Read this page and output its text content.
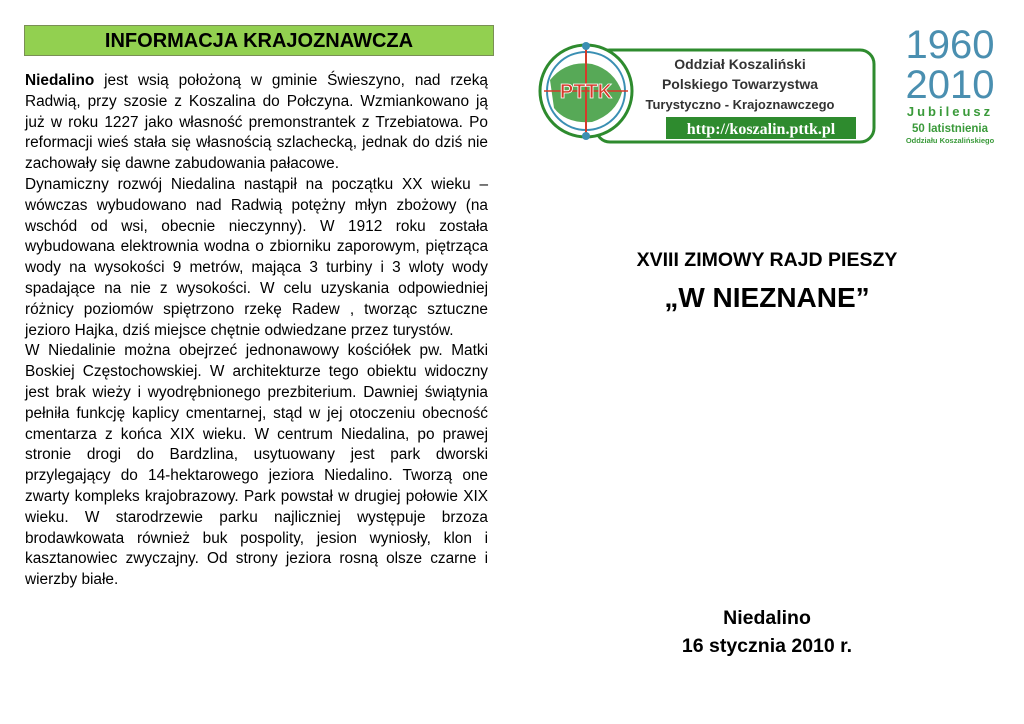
INFORMACJA KRAJOZNAWCZA

Niedalino jest wsią położoną w gminie Świeszyno, nad rzeką Radwią, przy szosie z Koszalina do Połczyna. Wzmiankowano ją już w roku 1227 jako własność premonstrantek z Trzebiatowa. Po reformacji wieś stała się własnością szlachecką, jednak do dziś nie zachowały się dawne zabudowania pałacowe.

Dynamiczny rozwój Niedalina nastąpił na początku XX wieku – wówczas wybudowano nad Radwią potężny młyn zbożowy (na wschód od wsi, obecnie nieczynny). W 1912 roku została wybudowana elektrownia wodna o zbiorniku zaporowym, piętrząca wody na wysokości 9 metrów, mająca 3 turbiny i 3 wloty wody spadające na nie z wysokości. W celu uzyskania odpowiedniej różnicy poziomów spiętrzono rzekę Radew , tworząc sztuczne jezioro Hajka, dziś miejsce chętnie odwiedzane przez turystów.

W Niedalinie można obejrzeć jednonawowy kościółek pw. Matki Boskiej Częstochowskiej. W architekturze tego obiektu widoczny jest brak wieży i wyodrębnionego prezbiterium. Dawniej świątynia pełniła funkcję kaplicy cmentarnej, stąd w jej otoczeniu obecność cmentarza z końca XIX wieku. W centrum Niedalina, po prawej stronie drogi do Bardzlina, usytuowany jest park dworski przylegający do 14-hektarowego jeziora Niedalino. Tworzą one zwarty kompleks krajobrazowy. Park powstał w drugiej połowie XIX wieku. W starodrzewie parku najliczniej występuje brzoza brodawkowata również buk pospolity, jesion wyniosły, klon i kasztanowiec zwyczajny. Od strony jeziora rosną olsze czarne i wierzby białe.

PTTK
Oddział Koszaliński
Polskiego Towarzystwa
Turystyczno - Krajoznawczego
http://koszalin.pttk.pl
1960
2010
Jubileusz
50 latistnienia
Oddziału Koszalińskiego
XVIII ZIMOWY RAJD PIESZY
„W NIEZNANE”
Niedalino
16 stycznia 2010 r.
